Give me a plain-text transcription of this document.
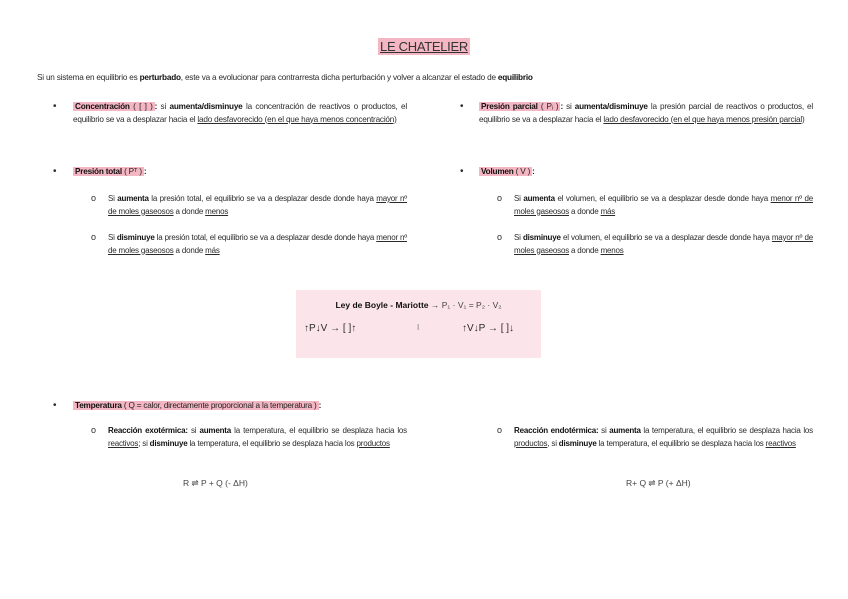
LE CHATELIER
Si un sistema en equilibrio es perturbado, este va a evolucionar para contrarresta dicha perturbación y volver a alcanzar el estado de equilibrio
• Concentración ( [ ] ) : si aumenta/disminuye la concentración de reactivos o productos, el equilibrio se va a desplazar hacia el lado desfavorecido (en el que haya menos concentración)
• Presión parcial ( Pᵢ ) : si aumenta/disminuye la presión parcial de reactivos o productos, el equilibrio se va a desplazar hacia el lado desfavorecido (en el que haya menos presión parcial)
• Presión total ( Pᵀ ) :
o Si aumenta la presión total, el equilibrio se va a desplazar desde donde haya mayor nº de moles gaseosos a donde menos
o Si disminuye la presión total, el equilibrio se va a desplazar desde donde haya menor nº de moles gaseosos a donde más
• Volumen ( V ) :
o Si aumenta el volumen, el equilibrio se va a desplazar desde donde haya menor nº de moles gaseosos a donde más
o Si disminuye el volumen, el equilibrio se va a desplazar desde donde haya mayor nº de moles gaseosos a donde menos
Ley de Boyle - Mariotte → P₁ · V₁ = P₂ · V₂
↑P↓V → [ ]↑	I	↑V↓P → [ ]↓
• Temperatura ( Q = calor, directamente proporcional a la temperatura ) :
o Reacción exotérmica: si aumenta la temperatura, el equilibrio se desplaza hacia los reactivos; si disminuye la temperatura, el equilibrio se desplaza hacia los productos
R ⇌ P + Q (- ΔH)
o Reacción endotérmica: si aumenta la temperatura, el equilibrio se desplaza hacia los productos, si disminuye la temperatura, el equilibrio se desplaza hacia los reactivos
R+ Q ⇌ P (+ ΔH)
